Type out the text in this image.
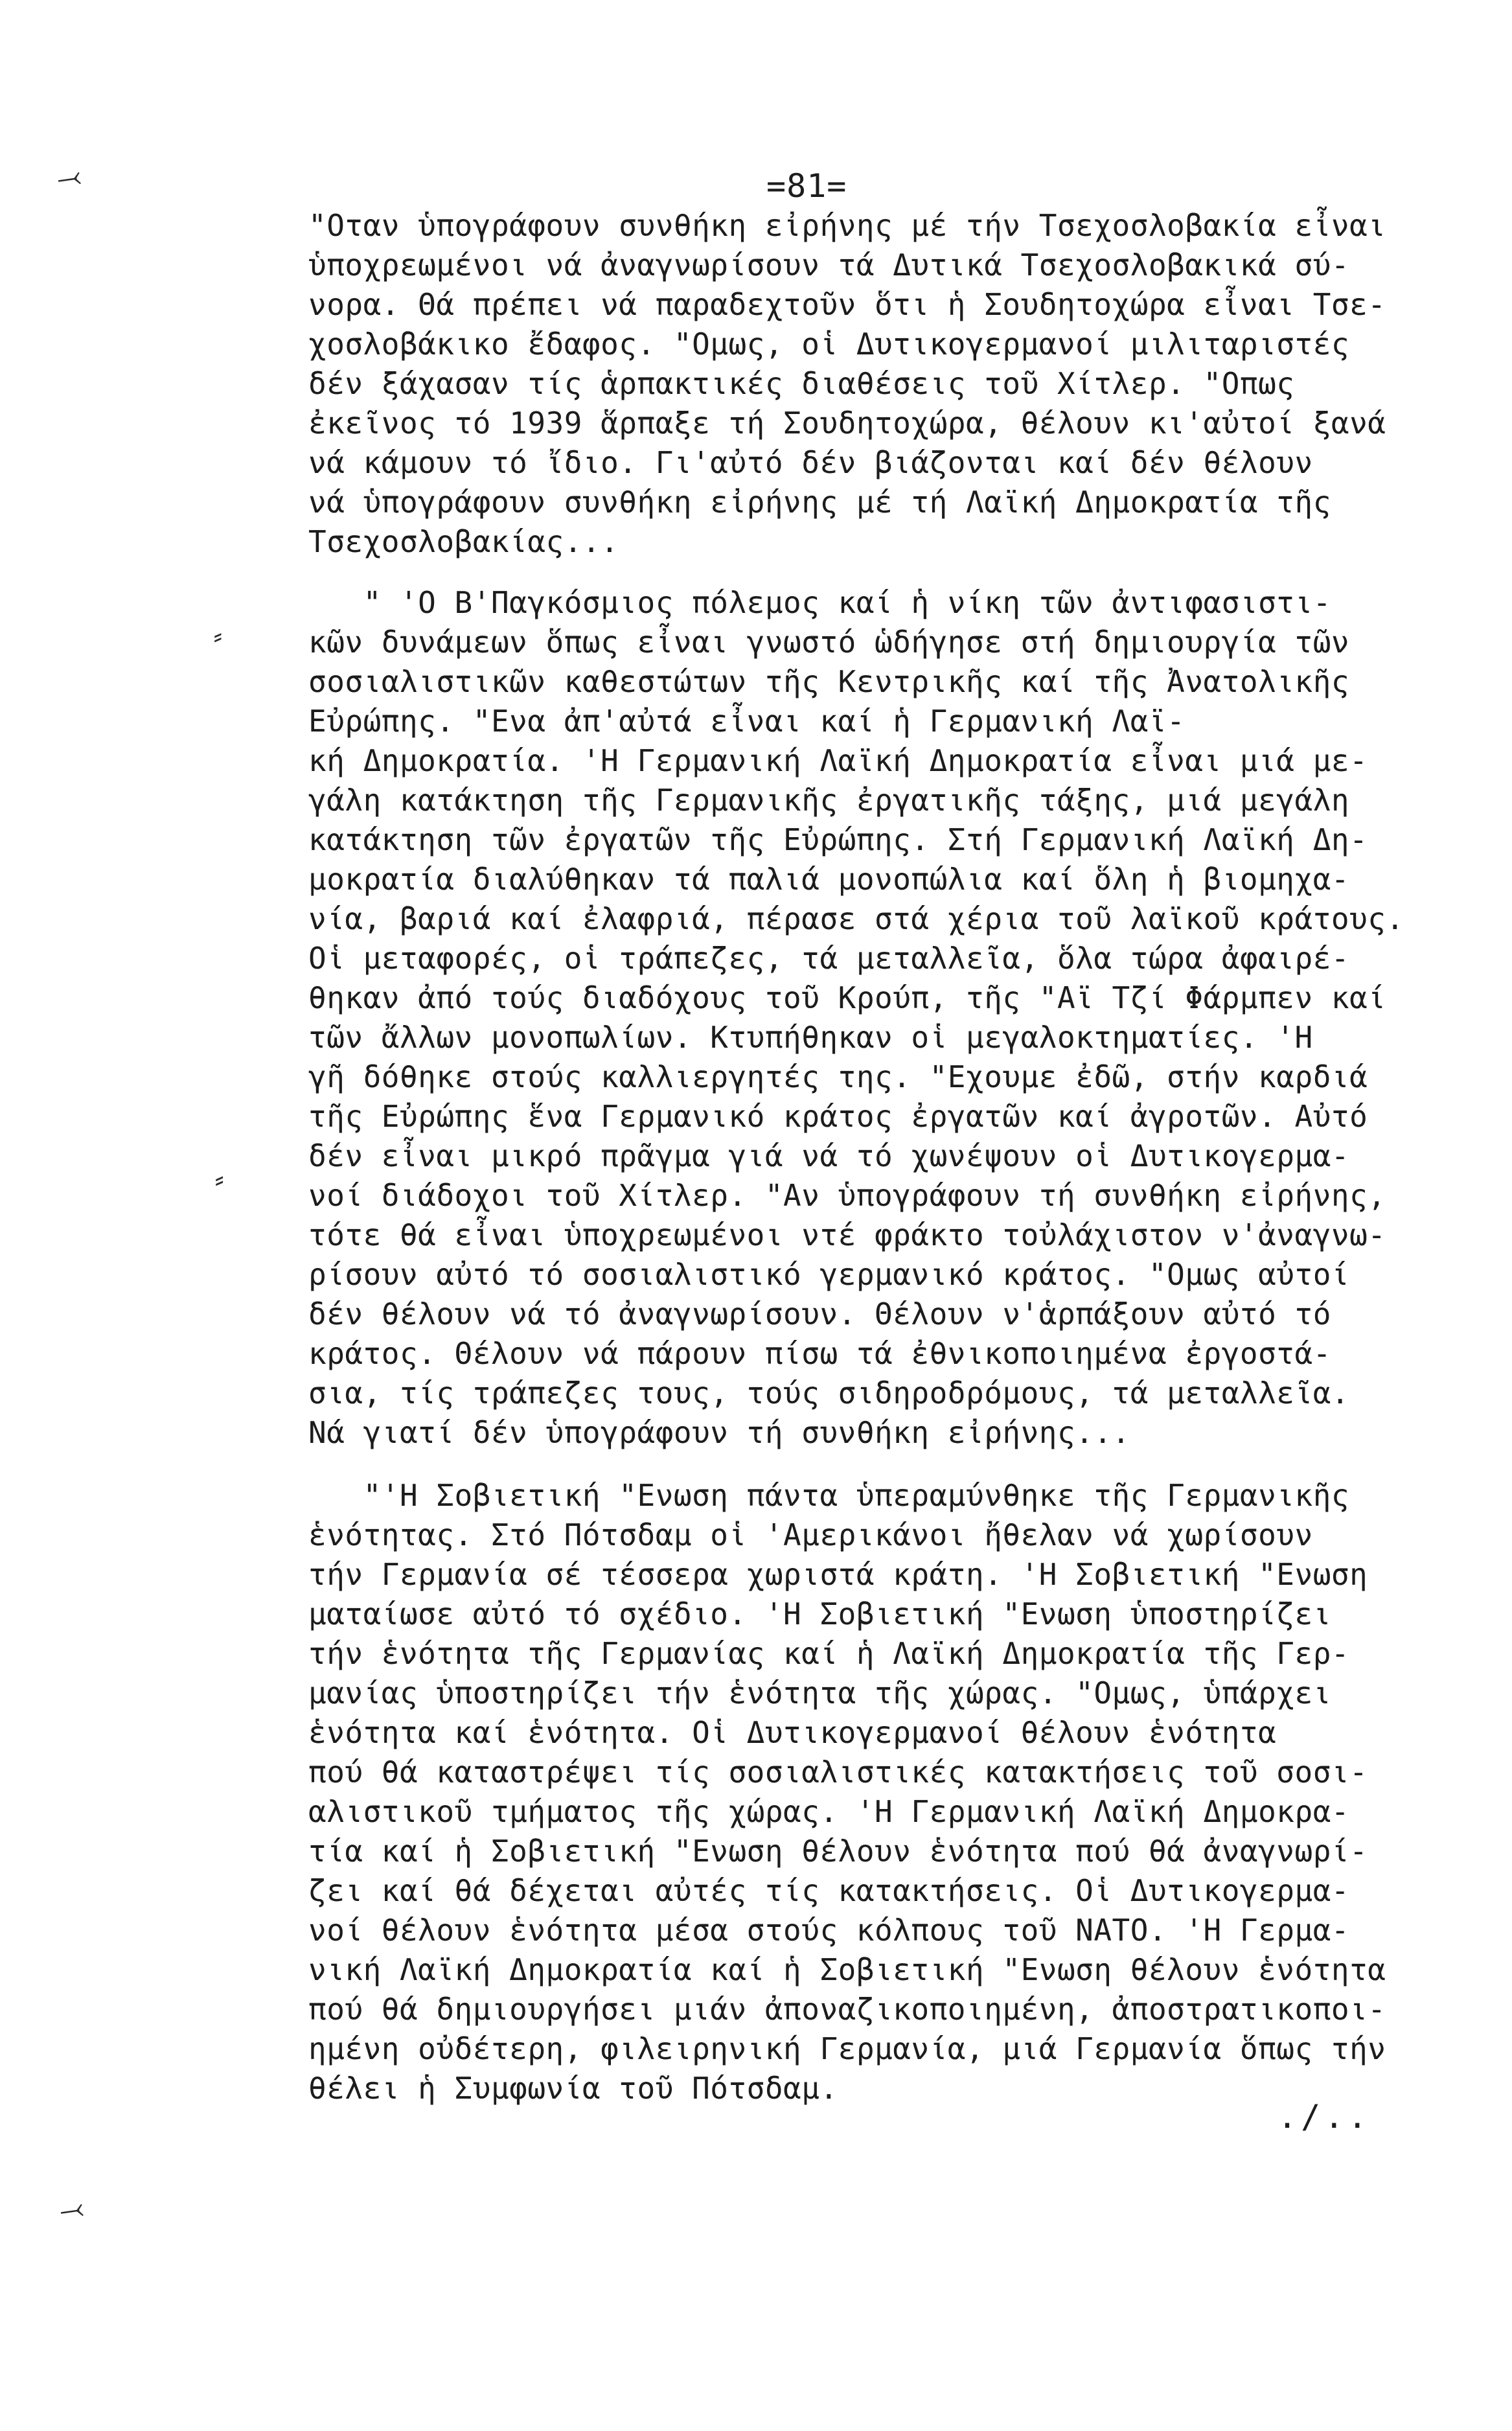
=81=
⤙
⸗
⸗
⤙
"Οταν ὑπογράφουν συνθήκη εἰρήνης μέ τήν Τσεχοσλοβακία εἶναι
ὑποχρεωμένοι νά ἀναγνωρίσουν τά Δυτικά Τσεχοσλοβακικά σύ-
νορα. Θά πρέπει νά παραδεχτοῦν ὅτι ἡ Σουδητοχώρα εἶναι Τσε-
χοσλοβάκικο ἔδαφος. "Ομως, οἱ Δυτικογερμανοί μιλιταριστές
δέν ξάχασαν τίς ἁρπακτικές διαθέσεις τοῦ Χίτλερ. "Οπως
ἐκεῖνος τό 1939 ἅρπαξε τή Σουδητοχώρα, θέλουν κι'αὐτοί ξανά
νά κάμουν τό ἴδιο. Γι'αὐτό δέν βιάζονται καί δέν θέλουν
νά ὑπογράφουν συνθήκη εἰρήνης μέ τή Λαϊκή Δημοκρατία τῆς
Τσεχοσλοβακίας...
" 'Ο Β'Παγκόσμιος πόλεμος καί ἡ νίκη τῶν ἀντιφασιστι-
κῶν δυνάμεων ὅπως εἶναι γνωστό ὡδήγησε στή δημιουργία τῶν
σοσιαλιστικῶν καθεστώτων τῆς Κεντρικῆς καί τῆς Ἀνατολικῆς
Εὐρώπης. "Ενα ἀπ'αὐτά εἶναι καί ἡ Γερμανική Λαϊ-
κή Δημοκρατία. 'Η Γερμανική Λαϊκή Δημοκρατία εἶναι μιά με-
γάλη κατάκτηση τῆς Γερμανικῆς ἐργατικῆς τάξης, μιά μεγάλη
κατάκτηση τῶν ἐργατῶν τῆς Εὐρώπης. Στή Γερμανική Λαϊκή Δη-
μοκρατία διαλύθηκαν τά παλιά μονοπώλια καί ὅλη ἡ βιομηχα-
νία, βαριά καί ἐλαφριά, πέρασε στά χέρια τοῦ λαϊκοῦ κράτους.
Οἱ μεταφορές, οἱ τράπεζες, τά μεταλλεῖα, ὅλα τώρα ἀφαιρέ-
θηκαν ἀπό τούς διαδόχους τοῦ Κρούπ, τῆς "Αϊ Τζί Φάρμπεν καί
τῶν ἄλλων μονοπωλίων. Κτυπήθηκαν οἱ μεγαλοκτηματίες. 'Η
γῆ δόθηκε στούς καλλιεργητές της. "Εχουμε ἐδῶ, στήν καρδιά
τῆς Εὐρώπης ἕνα Γερμανικό κράτος ἐργατῶν καί ἀγροτῶν. Αὐτό
δέν εἶναι μικρό πρᾶγμα γιά νά τό χωνέψουν οἱ Δυτικογερμα-
νοί διάδοχοι τοῦ Χίτλερ. "Αν ὑπογράφουν τή συνθήκη εἰρήνης,
τότε θά εἶναι ὑποχρεωμένοι ντέ φράκτο τοὐλάχιστον ν'ἀναγνω-
ρίσουν αὐτό τό σοσιαλιστικό γερμανικό κράτος. "Ομως αὐτοί
δέν θέλουν νά τό ἀναγνωρίσουν. Θέλουν ν'ἁρπάξουν αὐτό τό
κράτος. Θέλουν νά πάρουν πίσω τά ἐθνικοποιημένα ἐργοστά-
σια, τίς τράπεζες τους, τούς σιδηροδρόμους, τά μεταλλεῖα.
Νά γιατί δέν ὑπογράφουν τή συνθήκη εἰρήνης...
"'Η Σοβιετική "Ενωση πάντα ὑπεραμύνθηκε τῆς Γερμανικῆς
ἑνότητας. Στό Πότσδαμ οἱ 'Αμερικάνοι ἤθελαν νά χωρίσουν
τήν Γερμανία σέ τέσσερα χωριστά κράτη. 'Η Σοβιετική "Ενωση
ματαίωσε αὐτό τό σχέδιο. 'Η Σοβιετική "Ενωση ὑποστηρίζει
τήν ἑνότητα τῆς Γερμανίας καί ἡ Λαϊκή Δημοκρατία τῆς Γερ-
μανίας ὑποστηρίζει τήν ἑνότητα τῆς χώρας. "Ομως, ὑπάρχει
ἑνότητα καί ἑνότητα. Οἱ Δυτικογερμανοί θέλουν ἑνότητα
πού θά καταστρέψει τίς σοσιαλιστικές κατακτήσεις τοῦ σοσι-
αλιστικοῦ τμήματος τῆς χώρας. 'Η Γερμανική Λαϊκή Δημοκρα-
τία καί ἡ Σοβιετική "Ενωση θέλουν ἑνότητα πού θά ἀναγνωρί-
ζει καί θά δέχεται αὐτές τίς κατακτήσεις. Οἱ Δυτικογερμα-
νοί θέλουν ἑνότητα μέσα στούς κόλπους τοῦ ΝΑΤΟ. 'Η Γερμα-
νική Λαϊκή Δημοκρατία καί ἡ Σοβιετική "Ενωση θέλουν ἑνότητα
πού θά δημιουργήσει μιάν ἀποναζικοποιημένη, ἀποστρατικοποι-
ημένη οὐδέτερη, φιλειρηνική Γερμανία, μιά Γερμανία ὅπως τήν
θέλει ἡ Συμφωνία τοῦ Πότσδαμ.
./..
